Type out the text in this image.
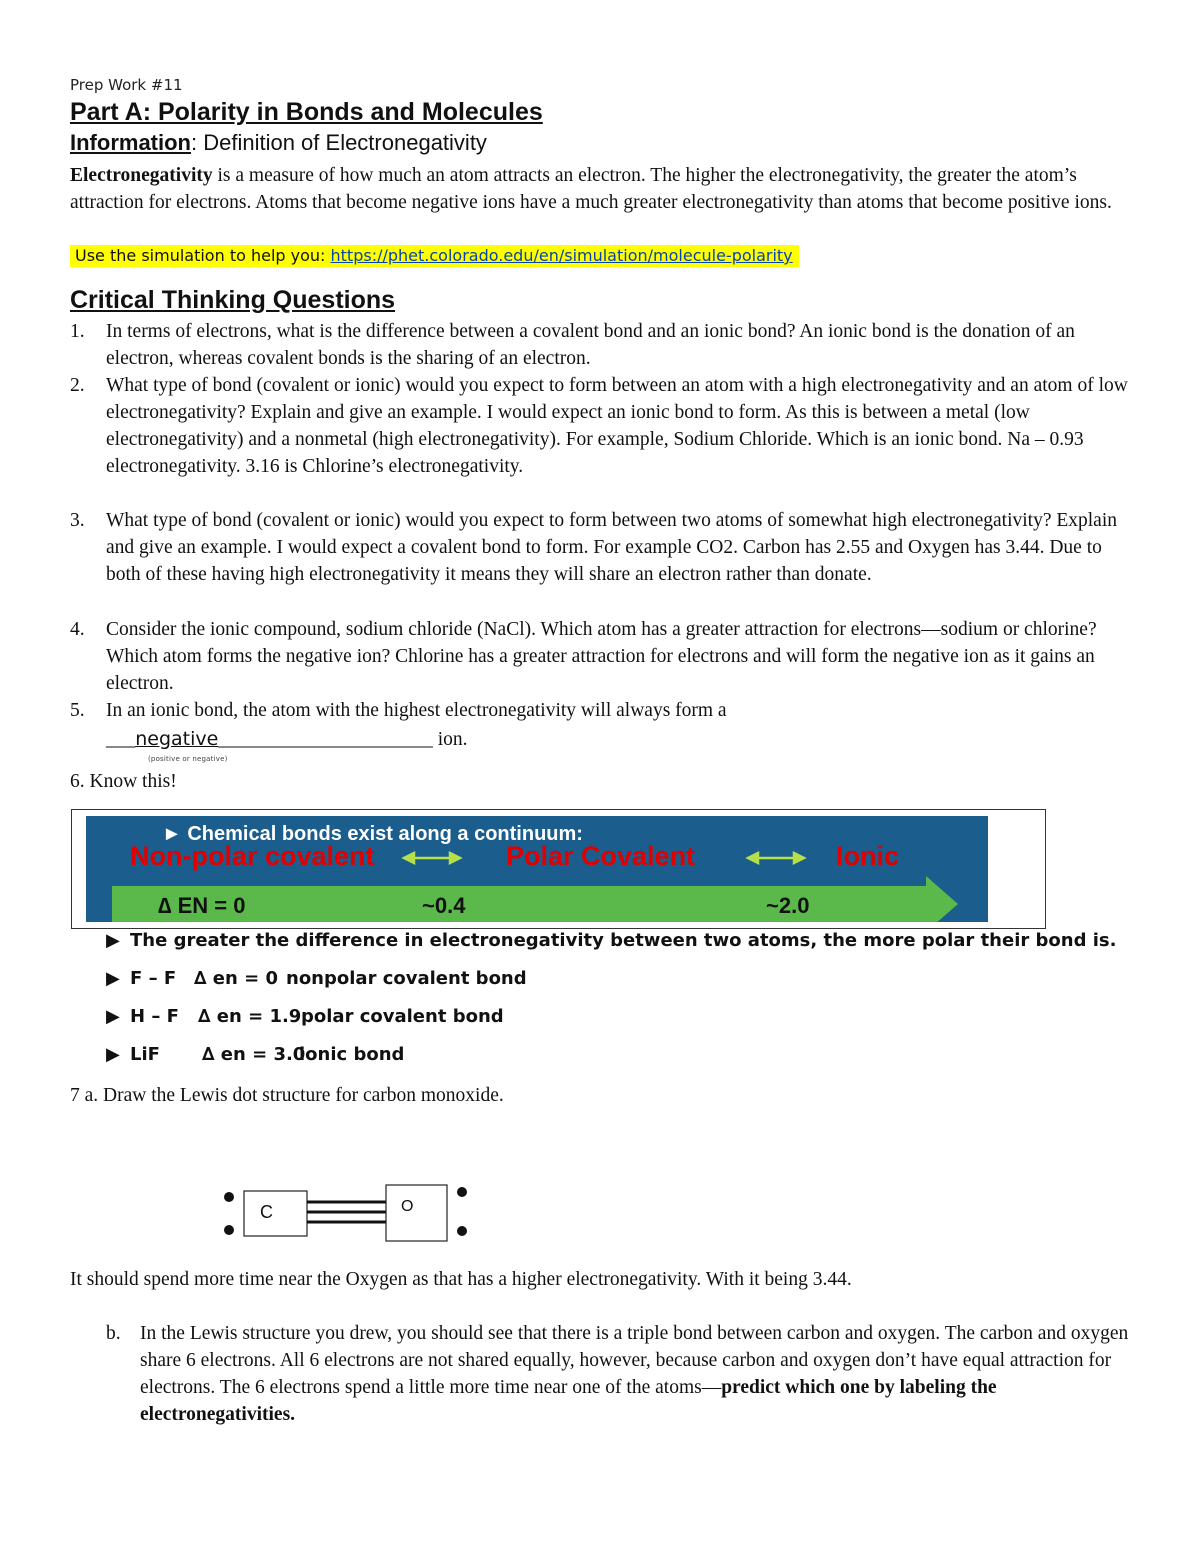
Prep Work #11
Part A: Polarity in Bonds and Molecules
Information: Definition of Electronegativity
Electronegativity is a measure of how much an atom attracts an electron. The higher the electronegativity, the greater the atom’s attraction for electrons. Atoms that become negative ions have a much greater electronegativity than atoms that become positive ions.
Use the simulation to help you: https://phet.colorado.edu/en/simulation/molecule-polarity
Critical Thinking Questions
1. In terms of electrons, what is the difference between a covalent bond and an ionic bond? An ionic bond is the donation of an electron, whereas covalent bonds is the sharing of an electron.
2. What type of bond (covalent or ionic) would you expect to form between an atom with a high electronegativity and an atom of low electronegativity? Explain and give an example. I would expect an ionic bond to form. As this is between a metal (low electronegativity) and a nonmetal (high electronegativity). For example, Sodium Chloride. Which is an ionic bond. Na – 0.93 electronegativity. 3.16 is Chlorine’s electronegativity.
3. What type of bond (covalent or ionic) would you expect to form between two atoms of somewhat high electronegativity? Explain and give an example. I would expect a covalent bond to form. For example CO2. Carbon has 2.55 and Oxygen has 3.44. Due to both of these having high electronegativity it means they will share an electron rather than donate.
4. Consider the ionic compound, sodium chloride (NaCl). Which atom has a greater attraction for electrons—sodium or chlorine? Which atom forms the negative ion? Chlorine has a greater attraction for electrons and will form the negative ion as it gains an electron.
5. In an ionic bond, the atom with the highest electronegativity will always form a
___negative______________________ ion.
(positive or negative)
6. Know this!
► Chemical bonds exist along a continuum:
Non-polar covalent	Polar Covalent	Ionic
∆ EN = 0	~0.4	~2.0
▶ The greater the difference in electronegativity between two atoms, the more polar their bond is.
▶ F – F ∆ en = 0 nonpolar covalent bond
▶ H – F ∆ en = 1.9polar covalent bond
▶ LiF ∆ en = 3.0ionic bond
7 a. Draw the Lewis dot structure for carbon monoxide.
C	O
It should spend more time near the Oxygen as that has a higher electronegativity. With it being 3.44.
b. In the Lewis structure you drew, you should see that there is a triple bond between carbon and oxygen. The carbon and oxygen share 6 electrons. All 6 electrons are not shared equally, however, because carbon and oxygen don’t have equal attraction for electrons. The 6 electrons spend a little more time near one of the atoms—predict which one by labeling the electronegativities.
